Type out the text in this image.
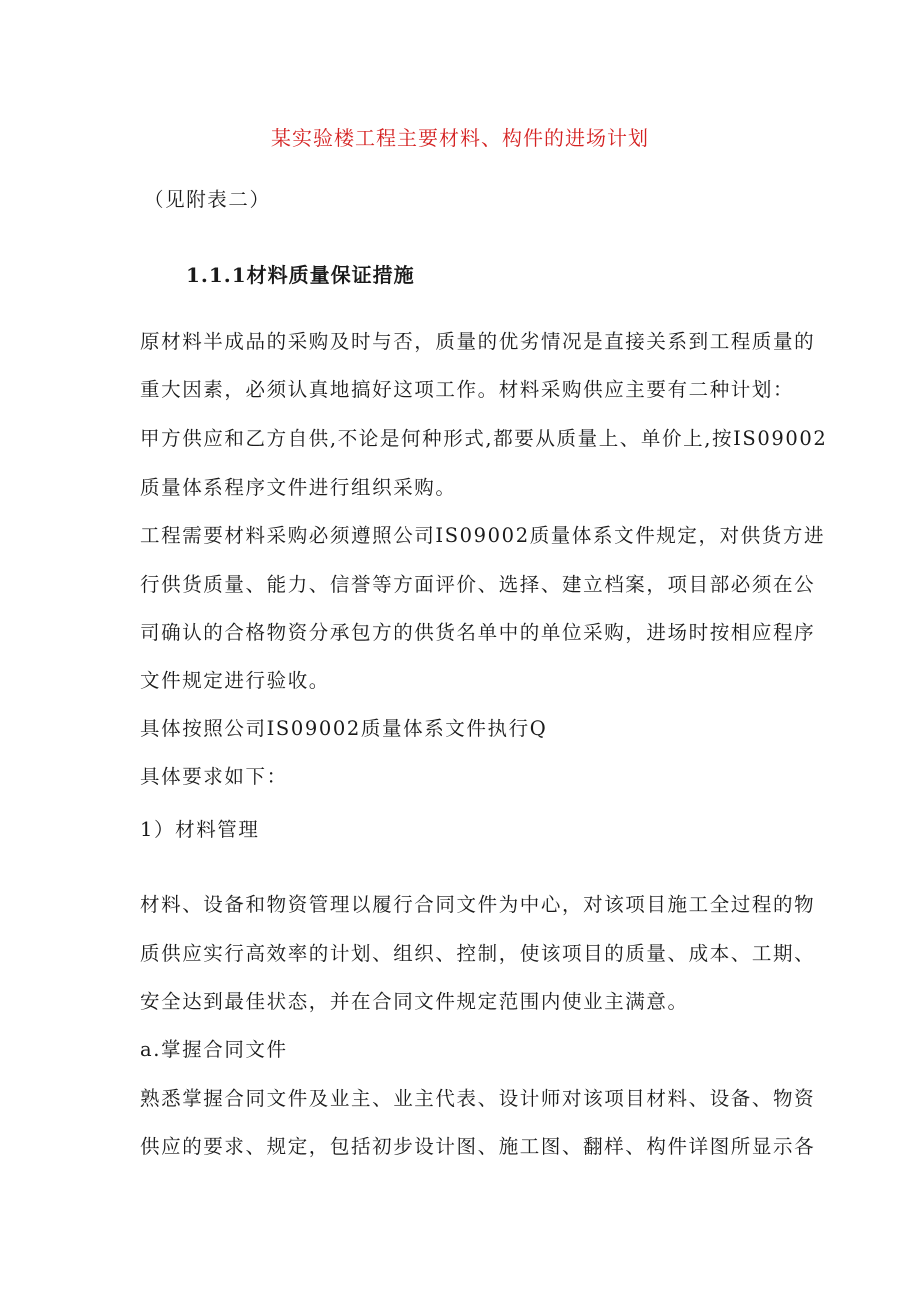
某实验楼工程主要材料、构件的进场计划
（见附表二）
1.1.1材料质量保证措施
原材料半成品的采购及时与否，质量的优劣情况是直接关系到工程质量的
重大因素，必须认真地搞好这项工作。材料采购供应主要有二种计划：
甲方供应和乙方自供,不论是何种形式,都要从质量上、单价上,按IS09002
质量体系程序文件进行组织采购。
工程需要材料采购必须遵照公司IS09002质量体系文件规定，对供货方进
行供货质量、能力、信誉等方面评价、选择、建立档案，项目部必须在公
司确认的合格物资分承包方的供货名单中的单位采购，进场时按相应程序
文件规定进行验收。
具体按照公司IS09002质量体系文件执行Q
具体要求如下：
1）材料管理
材料、设备和物资管理以履行合同文件为中心，对该项目施工全过程的物
质供应实行高效率的计划、组织、控制，使该项目的质量、成本、工期、
安全达到最佳状态，并在合同文件规定范围内使业主满意。
a.掌握合同文件
熟悉掌握合同文件及业主、业主代表、设计师对该项目材料、设备、物资
供应的要求、规定，包括初步设计图、施工图、翻样、构件详图所显示各
